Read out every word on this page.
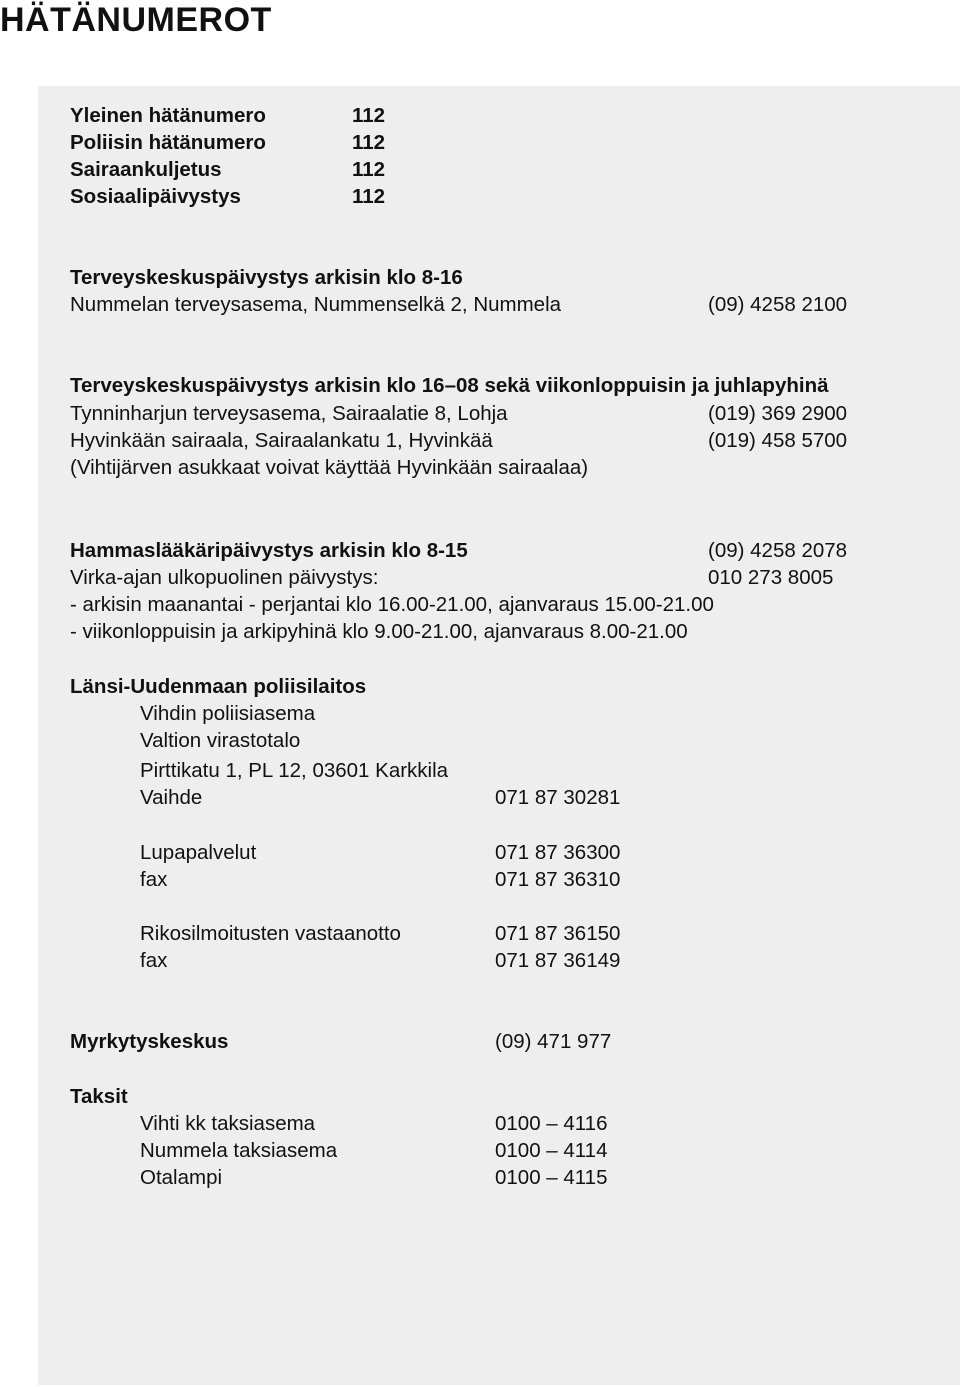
HÄTÄNUMEROT

Yleinen hätänumero	112

Poliisin hätänumero	112

Sairaankuljetus	112

Sosiaalipäivystys	112

Terveyskeskuspäivystys arkisin klo 8-16

Nummelan terveysasema, Nummenselkä 2, Nummela	(09) 4258 2100

Terveyskeskuspäivystys arkisin klo 16–08 sekä viikonloppuisin ja juhlapyhinä

Tynninharjun terveysasema, Sairaalatie 8, Lohja	(019) 369 2900

Hyvinkään sairaala, Sairaalankatu 1, Hyvinkää	(019) 458 5700

(Vihtijärven asukkaat voivat käyttää Hyvinkään sairaalaa)

Hammaslääkäripäivystys arkisin klo 8-15	(09) 4258 2078

Virka-ajan ulkopuolinen päivystys:	010 273 8005

- arkisin maanantai - perjantai klo 16.00-21.00, ajanvaraus 15.00-21.00

- viikonloppuisin ja arkipyhinä klo 9.00-21.00, ajanvaraus 8.00-21.00

Länsi-Uudenmaan poliisilaitos

Vihdin poliisiasema

Valtion virastotalo

Pirttikatu 1, PL 12, 03601 Karkkila

Vaihde	071 87 30281

Lupapalvelut	071 87 36300

fax	071 87 36310

Rikosilmoitusten vastaanotto	071 87 36150

fax	071 87 36149

Myrkytyskeskus	(09) 471 977

Taksit

Vihti kk taksiasema	0100 – 4116

Nummela taksiasema	0100 – 4114

Otalampi	0100 – 4115
